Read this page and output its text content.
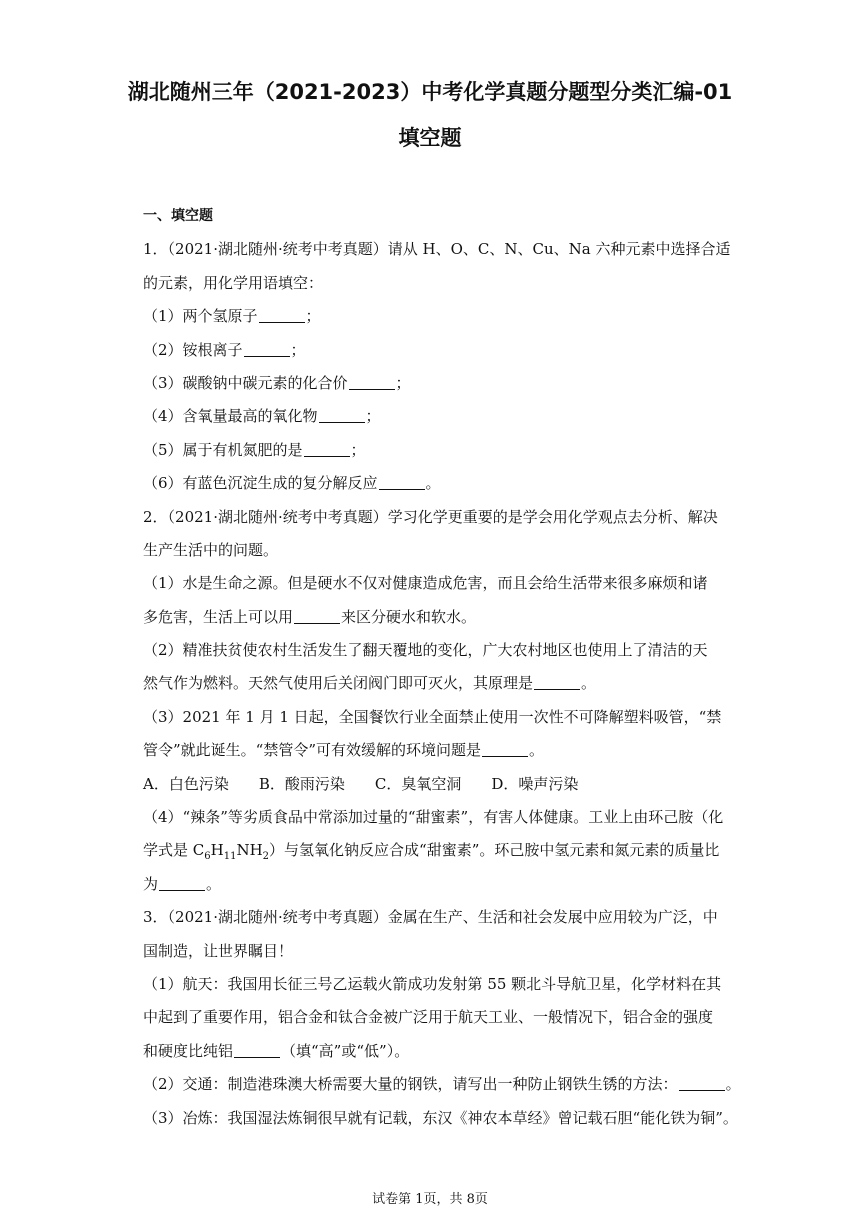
湖北随州三年（2021-2023）中考化学真题分题型分类汇编-01
填空题
一、填空题
1．（2021·湖北随州·统考中考真题）请从 H、O、C、N、Cu、Na 六种元素中选择合适
的元素，用化学用语填空：
（1）两个氢原子	；
（2）铵根离子	；
（3）碳酸钠中碳元素的化合价	；
（4）含氧量最高的氧化物	；
（5）属于有机氮肥的是	；
（6）有蓝色沉淀生成的复分解反应	。
2．（2021·湖北随州·统考中考真题）学习化学更重要的是学会用化学观点去分析、解决
生产生活中的问题。
（1）水是生命之源。但是硬水不仅对健康造成危害，而且会给生活带来很多麻烦和诸
多危害，生活上可以用	来区分硬水和软水。
（2）精准扶贫使农村生活发生了翻天覆地的变化，广大农村地区也使用上了清洁的天
然气作为燃料。天然气使用后关闭阀门即可灭火，其原理是	。
（3）2021 年 1 月 1 日起，全国餐饮行业全面禁止使用一次性不可降解塑料吸管，“禁
管令”就此诞生。“禁管令”可有效缓解的环境问题是	。
A．白色污染 B．酸雨污染 C．臭氧空洞 D．噪声污染
（4）“辣条”等劣质食品中常添加过量的“甜蜜素”，有害人体健康。工业上由环己胺（化
学式是 $C_6H_{11}NH_2$）与氢氧化钠反应合成“甜蜜素”。环己胺中氢元素和氮元素的质量比
为	。
3．（2021·湖北随州·统考中考真题）金属在生产、生活和社会发展中应用较为广泛，中
国制造，让世界瞩目！
（1）航天：我国用长征三号乙运载火箭成功发射第 55 颗北斗导航卫星，化学材料在其
中起到了重要作用，铝合金和钛合金被广泛用于航天工业、一般情况下，铝合金的强度
和硬度比纯铝	（填“高”或“低”）。
（2）交通：制造港珠澳大桥需要大量的钢铁，请写出一种防止钢铁生锈的方法：	。
（3）冶炼：我国湿法炼铜很早就有记载，东汉《神农本草经》曾记载石胆“能化铁为铜”。
试卷第 1页，共 8页
